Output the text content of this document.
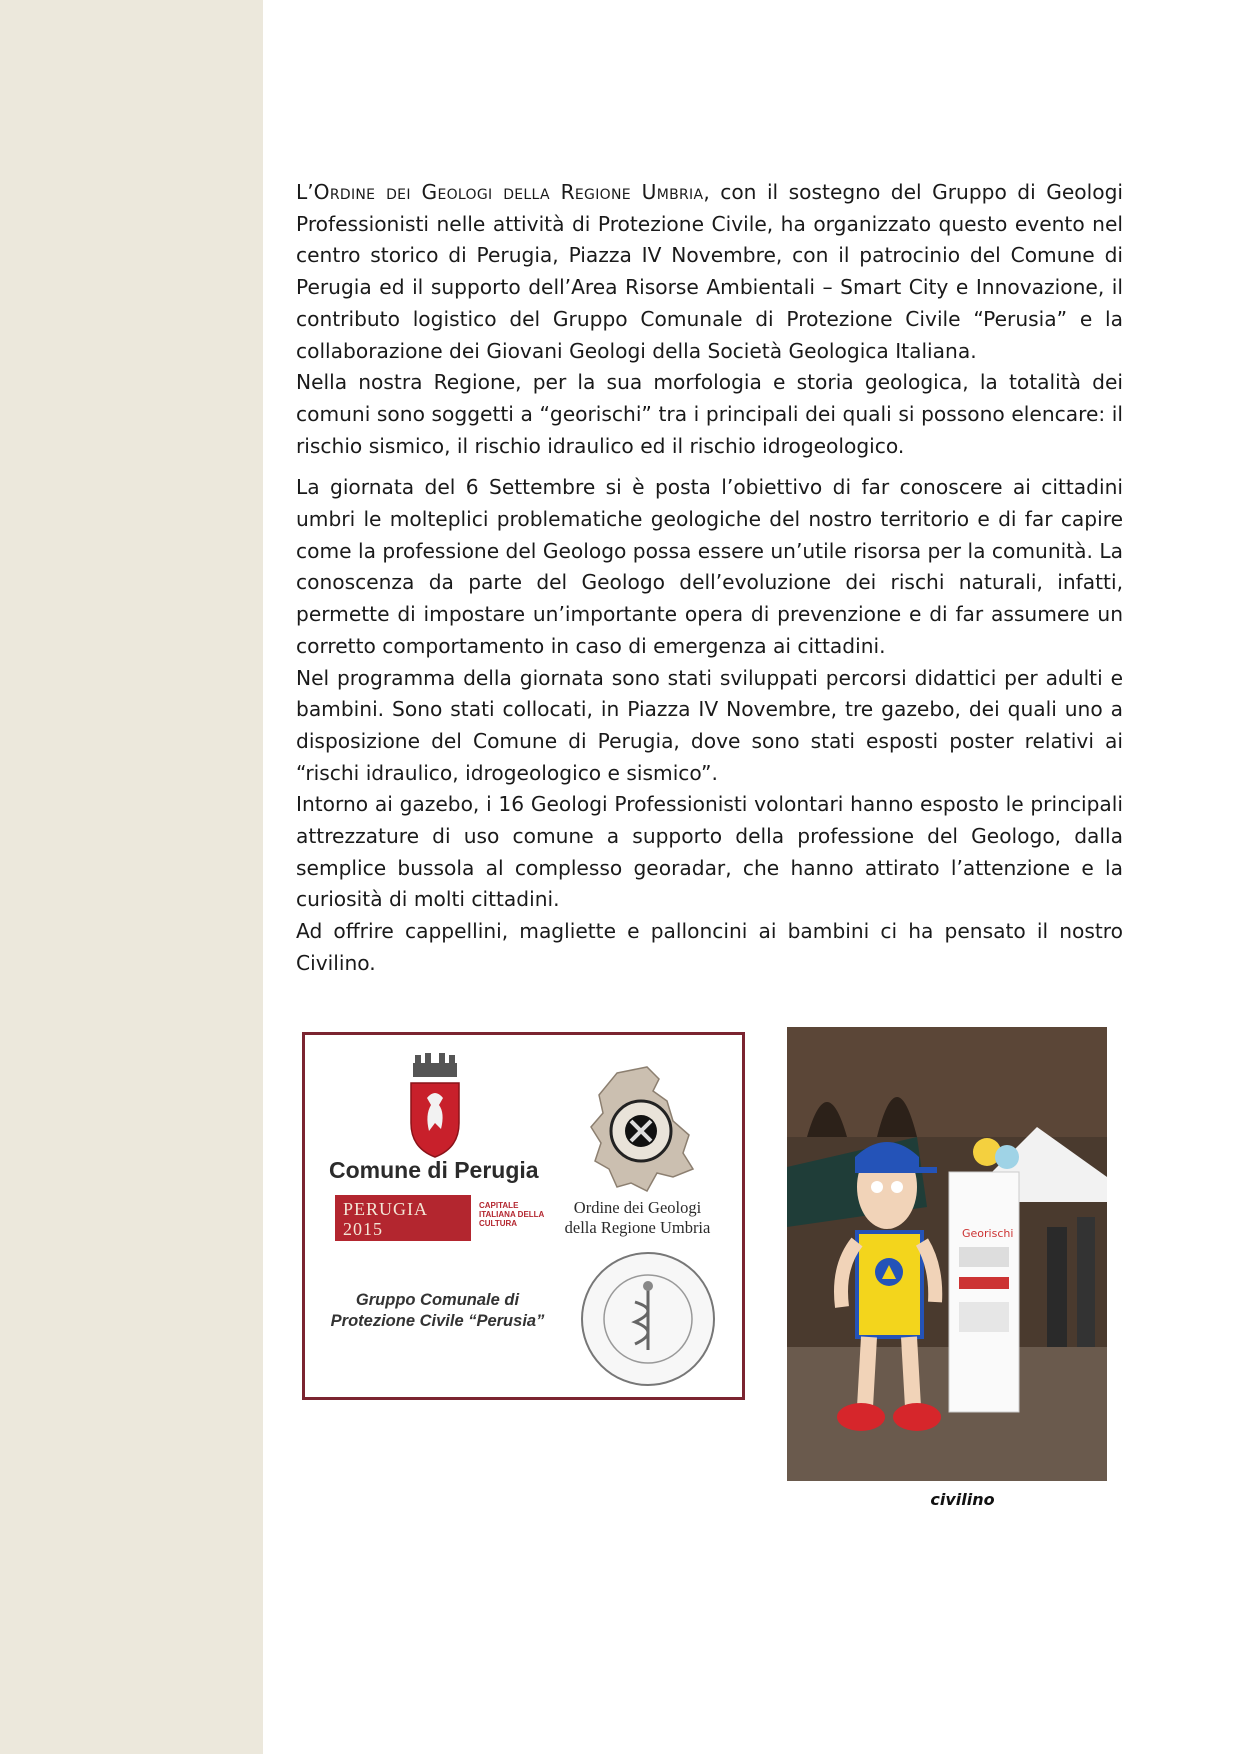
L’Ordine dei Geologi della Regione Umbria, con il sostegno del Gruppo di Geologi Professionisti nelle attività di Protezione Civile, ha organizzato questo evento nel centro storico di Perugia, Piazza IV Novembre, con il patrocinio del Comune di Perugia ed il supporto dell’Area Risorse Ambientali – Smart City e Innovazione, il contributo logistico del Gruppo Comunale di Protezione Civile “Perusia” e la collaborazione dei Giovani Geologi della Società Geologica Italiana.

Nella nostra Regione, per la sua morfologia e storia geologica, la totalità dei comuni sono soggetti a “georischi” tra i principali dei quali si possono elencare: il rischio sismico, il rischio idraulico ed il rischio idrogeologico.

La giornata del 6 Settembre si è posta l’obiettivo di far conoscere ai cittadini umbri le molteplici problematiche geologiche del nostro territorio e di far capire come la professione del Geologo possa essere un’utile risorsa per la comunità. La conoscenza da parte del Geologo dell’evoluzione dei rischi naturali, infatti, permette di impostare un’importante opera di prevenzione e di far assumere un corretto comportamento in caso di emergenza ai cittadini.

Nel programma della giornata sono stati sviluppati percorsi didattici per adulti e bambini. Sono stati collocati, in Piazza IV Novembre, tre gazebo, dei quali uno a disposizione del Comune di Perugia, dove sono stati esposti poster relativi ai “rischi idraulico, idrogeologico e sismico”.

Intorno ai gazebo, i 16 Geologi Professionisti volontari hanno esposto le principali attrezzature di uso comune a supporto della professione del Geologo, dalla semplice bussola al complesso georadar, che hanno attirato l’attenzione e la curiosità di molti cittadini.

Ad offrire cappellini, magliette e palloncini ai bambini ci ha pensato il nostro Civilino.

Comune di Perugia
PERUGIA
2015
CAPITALE ITALIANA DELLA CULTURA
Ordine dei Geologi
della Regione Umbria
Gruppo Comunale di
Protezione Civile “Perusia”
Georischi
civilino
